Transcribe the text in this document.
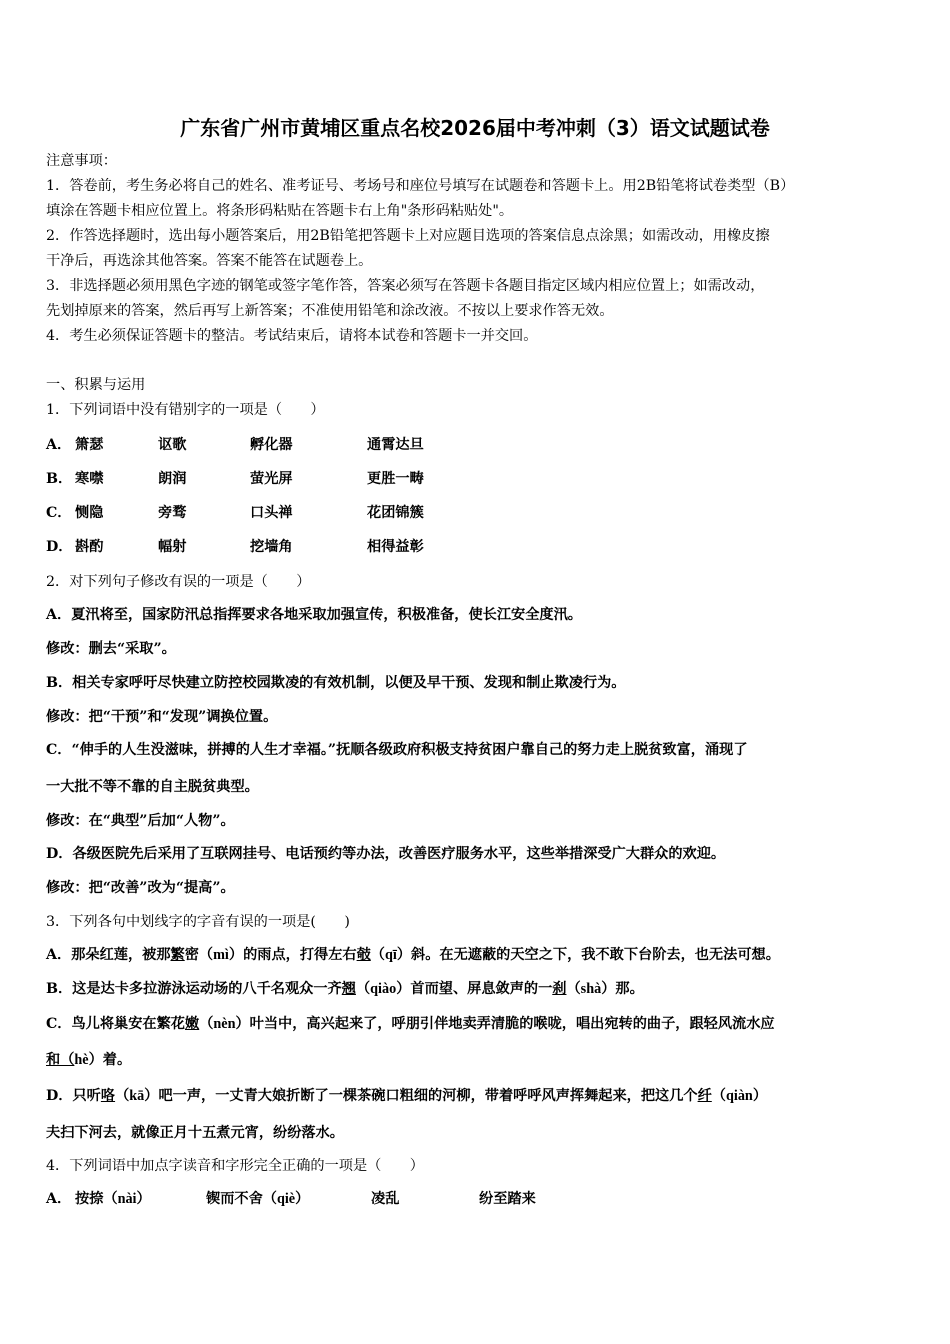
广东省广州市黄埔区重点名校2026届中考冲刺（3）语文试题试卷
注意事项：
1．答卷前，考生务必将自己的姓名、准考证号、考场号和座位号填写在试题卷和答题卡上。用2B铅笔将试卷类型（B）
填涂在答题卡相应位置上。将条形码粘贴在答题卡右上角"条形码粘贴处"。
2．作答选择题时，选出每小题答案后，用2B铅笔把答题卡上对应题目选项的答案信息点涂黑；如需改动，用橡皮擦
干净后，再选涂其他答案。答案不能答在试题卷上。
3．非选择题必须用黑色字迹的钢笔或签字笔作答，答案必须写在答题卡各题目指定区域内相应位置上；如需改动，
先划掉原来的答案，然后再写上新答案；不准使用铅笔和涂改液。不按以上要求作答无效。
4．考生必须保证答题卡的整洁。考试结束后，请将本试卷和答题卡一并交回。
一、积累与运用
1．下列词语中没有错别字的一项是（　　）
A． 箫瑟	讴歌	孵化器	通霄达旦
B． 寒噤	朗润	萤光屏	更胜一畴
C． 恻隐	旁骛	口头禅	花团锦簇
D． 斟酌	幅射	挖墙角	相得益彰
2．对下列句子修改有误的一项是（　　）
A．夏汛将至，国家防汛总指挥要求各地采取加强宣传，积极准备，使长江安全度汛。
修改：删去“采取”。
B．相关专家呼吁尽快建立防控校园欺凌的有效机制，以便及早干预、发现和制止欺凌行为。
修改：把“干预”和“发现”调换位置。
C．“伸手的人生没滋味，拼搏的人生才幸福。”抚顺各级政府积极支持贫困户靠自己的努力走上脱贫致富，涌现了
一大批不等不靠的自主脱贫典型。
修改：在“典型”后加“人物”。
D．各级医院先后采用了互联网挂号、电话预约等办法，改善医疗服务水平，这些举措深受广大群众的欢迎。
修改：把“改善”改为“提高”。
3．下列各句中划线字的字音有误的一项是(　　)
A．那朵红莲，被那繁密（mì）的雨点，打得左右攲（qī）斜。在无遮蔽的天空之下，我不敢下台阶去，也无法可想。
B．这是达卡多拉游泳运动场的八千名观众一齐翘（qiào）首而望、屏息敛声的一刹（shà）那。
C．鸟儿将巢安在繁花嫩（nèn）叶当中，高兴起来了，呼朋引伴地卖弄清脆的喉咙，唱出宛转的曲子，跟轻风流水应
和（hè）着。
D．只听咯（kā）吧一声，一丈青大娘折断了一棵茶碗口粗细的河柳，带着呼呼风声挥舞起来，把这几个纤（qiàn）
夫扫下河去，就像正月十五煮元宵，纷纷落水。
4．下列词语中加点字读音和字形完全正确的一项是（　　）
A． 按捺（nài）	锲而不舍（qiè）	凌乱	纷至踏来
